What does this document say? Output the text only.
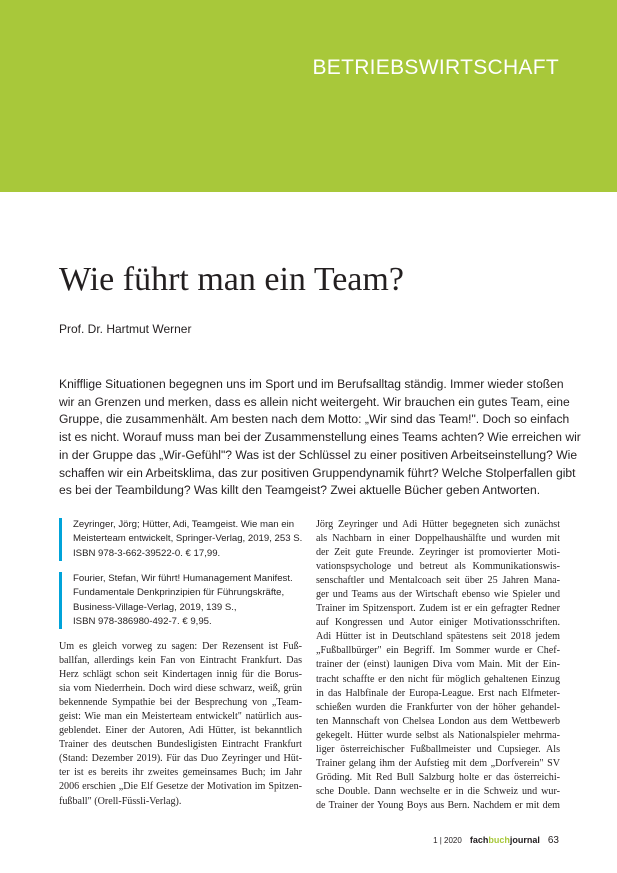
BETRIEBSWIRTSCHAFT
Wie führt man ein Team?
Prof. Dr. Hartmut Werner
Knifflige Situationen begegnen uns im Sport und im Berufsalltag ständig. Immer wieder stoßen
wir an Grenzen und merken, dass es allein nicht weitergeht. Wir brauchen ein gutes Team, eine
Gruppe, die zusammenhält. Am besten nach dem Motto: „Wir sind das Team!". Doch so einfach
ist es nicht. Worauf muss man bei der Zusammenstellung eines Teams achten? Wie erreichen wir
in der Gruppe das „Wir-Gefühl"? Was ist der Schlüssel zu einer positiven Arbeitseinstellung? Wie
schaffen wir ein Arbeitsklima, das zur positiven Gruppendynamik führt? Welche Stolperfallen gibt
es bei der Teambildung? Was killt den Teamgeist? Zwei aktuelle Bücher geben Antworten.
Zeyringer, Jörg; Hütter, Adi, Teamgeist. Wie man ein
Meisterteam entwickelt, Springer-Verlag, 2019, 253 S.
ISBN 978-3-662-39522-0. € 17,99.
Fourier, Stefan, Wir führt! Humanagement Manifest.
Fundamentale Denkprinzipien für Führungskräfte,
Business-Village-Verlag, 2019, 139 S.,
ISBN 978-386980-492-7. € 9,95.
Um es gleich vorweg zu sagen: Der Rezensent ist Fuß-
ballfan, allerdings kein Fan von Eintracht Frankfurt. Das
Herz schlägt schon seit Kindertagen innig für die Borus-
sia vom Niederrhein. Doch wird diese schwarz, weiß, grün
bekennende Sympathie bei der Besprechung von „Team-
geist: Wie man ein Meisterteam entwickelt" natürlich aus-
geblendet. Einer der Autoren, Adi Hütter, ist bekanntlich
Trainer des deutschen Bundesligisten Eintracht Frankfurt
(Stand: Dezember 2019). Für das Duo Zeyringer und Hüt-
ter ist es bereits ihr zweites gemeinsames Buch; im Jahr
2006 erschien „Die Elf Gesetze der Motivation im Spitzen-
fußball" (Orell-Füssli-Verlag).
Jörg Zeyringer und Adi Hütter begegneten sich zunächst
als Nachbarn in einer Doppelhaushälfte und wurden mit
der Zeit gute Freunde. Zeyringer ist promovierter Moti-
vationspsychologe und betreut als Kommunikationswis-
senschaftler und Mentalcoach seit über 25 Jahren Mana-
ger und Teams aus der Wirtschaft ebenso wie Spieler und
Trainer im Spitzensport. Zudem ist er ein gefragter Redner
auf Kongressen und Autor einiger Motivationsschriften.
Adi Hütter ist in Deutschland spätestens seit 2018 jedem
„Fußballbürger" ein Begriff. Im Sommer wurde er Chef-
trainer der (einst) launigen Diva vom Main. Mit der Ein-
tracht schaffte er den nicht für möglich gehaltenen Einzug
in das Halbfinale der Europa-League. Erst nach Elfmeter-
schießen wurden die Frankfurter von der höher gehandel-
ten Mannschaft von Chelsea London aus dem Wettbewerb
gekegelt. Hütter wurde selbst als Nationalspieler mehrma-
liger österreichischer Fußballmeister und Cupsieger. Als
Trainer gelang ihm der Aufstieg mit dem „Dorfverein" SV
Gröding. Mit Red Bull Salzburg holte er das österreichi-
sche Double. Dann wechselte er in die Schweiz und wur-
de Trainer der Young Boys aus Bern. Nachdem er mit dem
1 | 2020 fachbuchjournal 63
